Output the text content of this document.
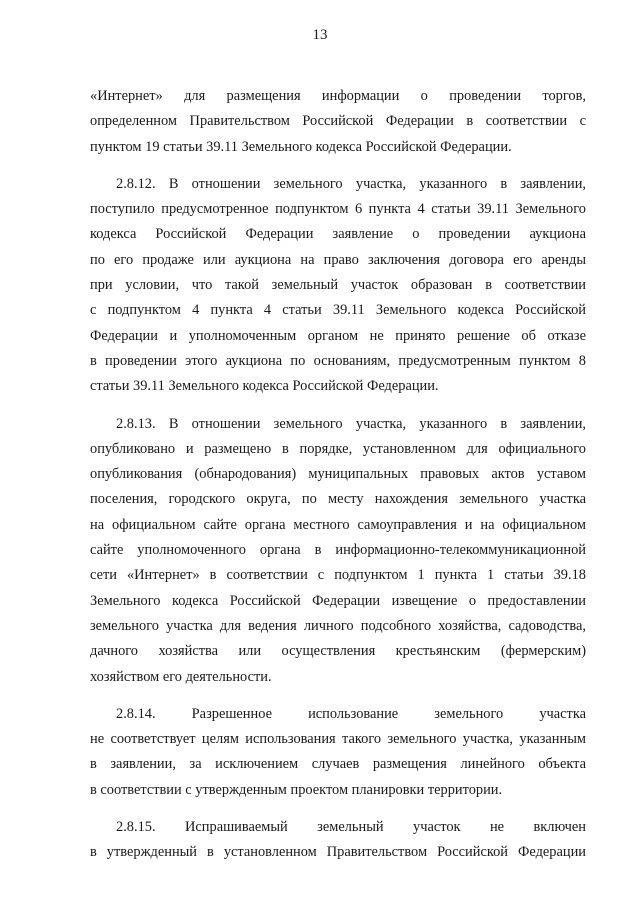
13

«Интернет» для размещения информации о проведении торгов,
определенном Правительством Российской Федерации в соответствии с
пунктом 19 статьи 39.11 Земельного кодекса Российской Федерации.

2.8.12. В отношении земельного участка, указанного в заявлении,
поступило предусмотренное подпунктом 6 пункта 4 статьи 39.11 Земельного
кодекса Российской Федерации заявление о проведении аукциона
по его продаже или аукциона на право заключения договора его аренды
при условии, что такой земельный участок образован в соответствии
с подпунктом 4 пункта 4 статьи 39.11 Земельного кодекса Российской
Федерации и уполномоченным органом не принято решение об отказе
в проведении этого аукциона по основаниям, предусмотренным пунктом 8
статьи 39.11 Земельного кодекса Российской Федерации.

2.8.13. В отношении земельного участка, указанного в заявлении,
опубликовано и размещено в порядке, установленном для официального
опубликования (обнародования) муниципальных правовых актов уставом
поселения, городского округа, по месту нахождения земельного участка
на официальном сайте органа местного самоуправления и на официальном
сайте уполномоченного органа в информационно-телекоммуникационной
сети «Интернет» в соответствии с подпунктом 1 пункта 1 статьи 39.18
Земельного кодекса Российской Федерации извещение о предоставлении
земельного участка для ведения личного подсобного хозяйства, садоводства,
дачного хозяйства или осуществления крестьянским (фермерским)
хозяйством его деятельности.

2.8.14. Разрешенное использование земельного участка
не соответствует целям использования такого земельного участка, указанным
в заявлении, за исключением случаев размещения линейного объекта
в соответствии с утвержденным проектом планировки территории.

2.8.15. Испрашиваемый земельный участок не включен
в утвержденный в установленном Правительством Российской Федерации
